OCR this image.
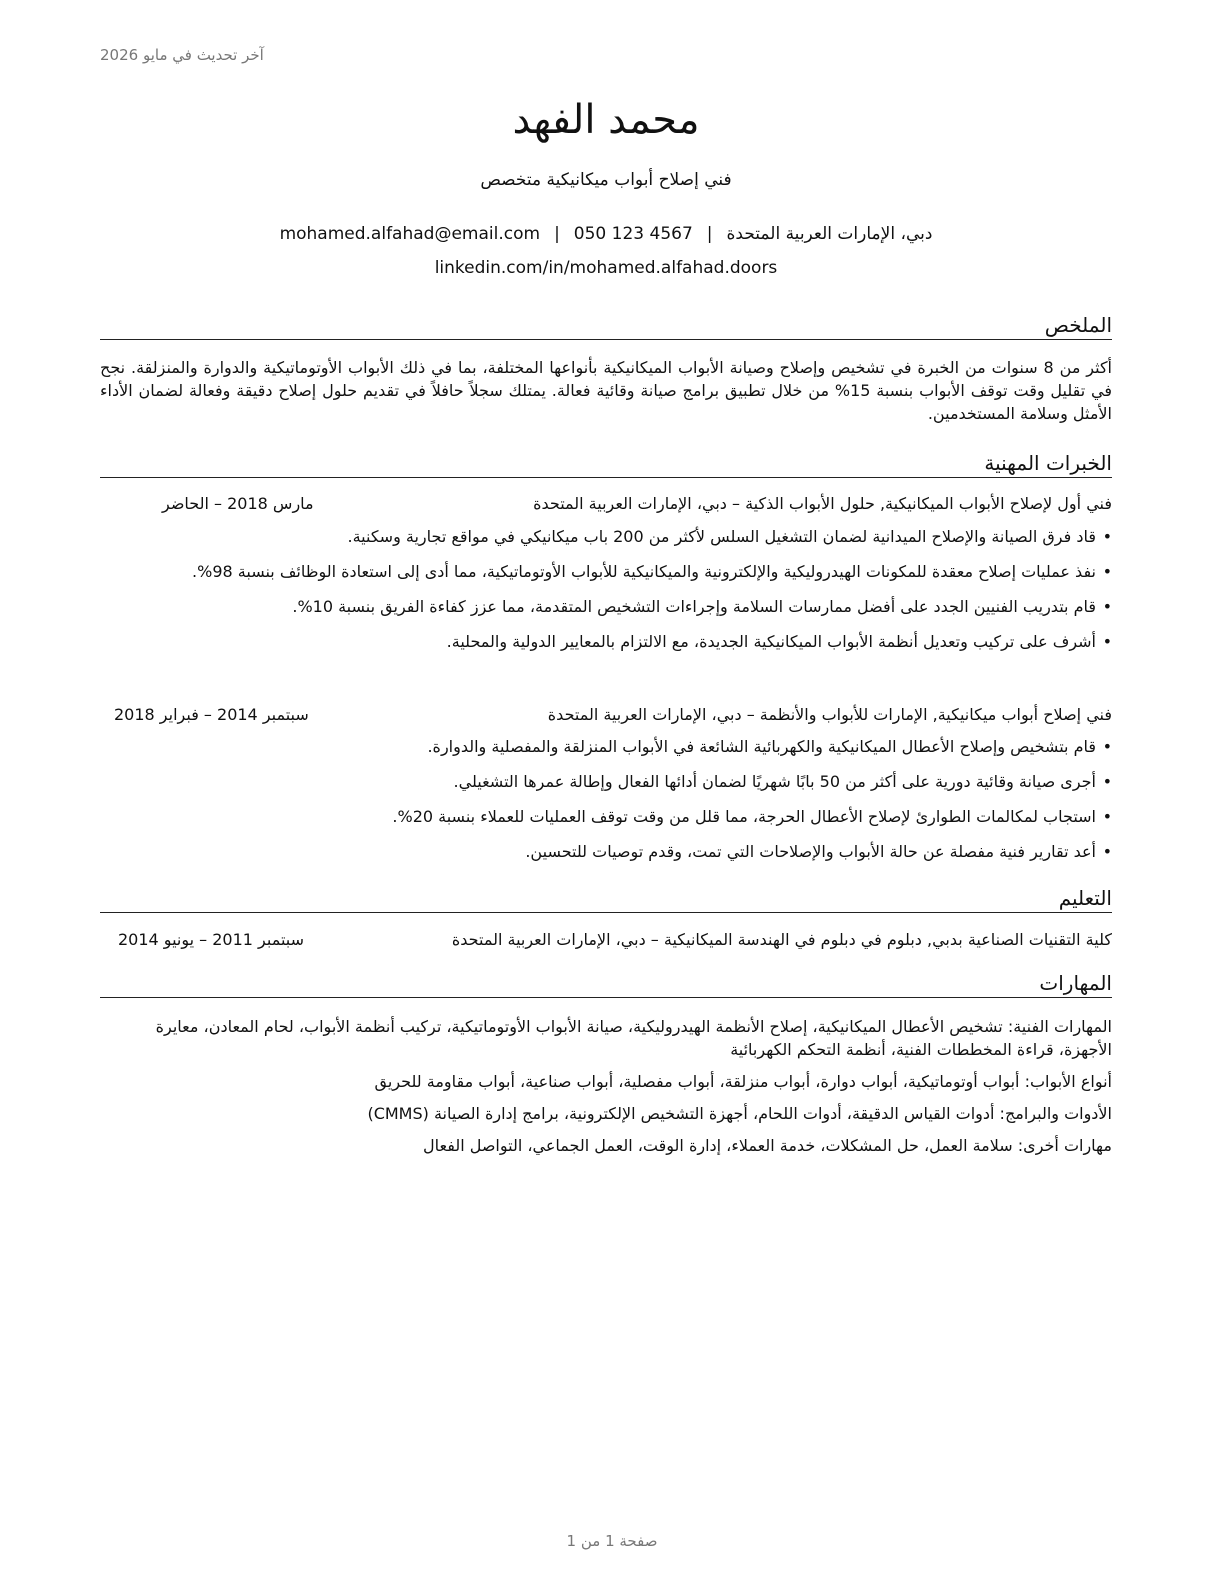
آخر تحديث في مايو 2026
محمد الفهد
فني إصلاح أبواب ميكانيكية متخصص
دبي، الإمارات العربية المتحدة|mohamed.alfahad@email.com | 050 123 4567
linkedin.com/in/mohamed.alfahad.doors
الملخص
أكثر من 8 سنوات من الخبرة في تشخيص وإصلاح وصيانة الأبواب الميكانيكية بأنواعها المختلفة، بما في ذلك الأبواب الأوتوماتيكية والدوارة والمنزلقة. نجح في تقليل وقت توقف الأبواب بنسبة 15% من خلال تطبيق برامج صيانة وقائية فعالة. يمتلك سجلاً حافلاً في تقديم حلول إصلاح دقيقة وفعالة لضمان الأداء الأمثل وسلامة المستخدمين.
الخبرات المهنية
فني أول لإصلاح الأبواب الميكانيكية, حلول الأبواب الذكية – دبي، الإمارات العربية المتحدة
مارس 2018 – الحاضر
•
قاد فرق الصيانة والإصلاح الميدانية لضمان التشغيل السلس لأكثر من 200 باب ميكانيكي في مواقع تجارية وسكنية.
•
نفذ عمليات إصلاح معقدة للمكونات الهيدروليكية والإلكترونية والميكانيكية للأبواب الأوتوماتيكية، مما أدى إلى استعادة الوظائف بنسبة 98%.
•
قام بتدريب الفنيين الجدد على أفضل ممارسات السلامة وإجراءات التشخيص المتقدمة، مما عزز كفاءة الفريق بنسبة 10%.
•
أشرف على تركيب وتعديل أنظمة الأبواب الميكانيكية الجديدة، مع الالتزام بالمعايير الدولية والمحلية.
فني إصلاح أبواب ميكانيكية, الإمارات للأبواب والأنظمة – دبي، الإمارات العربية المتحدة
سبتمبر 2014 – فبراير 2018
•
قام بتشخيص وإصلاح الأعطال الميكانيكية والكهربائية الشائعة في الأبواب المنزلقة والمفصلية والدوارة.
•
أجرى صيانة وقائية دورية على أكثر من 50 بابًا شهريًا لضمان أدائها الفعال وإطالة عمرها التشغيلي.
•
استجاب لمكالمات الطوارئ لإصلاح الأعطال الحرجة، مما قلل من وقت توقف العمليات للعملاء بنسبة 20%.
•
أعد تقارير فنية مفصلة عن حالة الأبواب والإصلاحات التي تمت، وقدم توصيات للتحسين.
التعليم
كلية التقنيات الصناعية بدبي, دبلوم في دبلوم في الهندسة الميكانيكية – دبي، الإمارات العربية المتحدة
سبتمبر 2011 – يونيو 2014
المهارات
المهارات الفنية: تشخيص الأعطال الميكانيكية، إصلاح الأنظمة الهيدروليكية، صيانة الأبواب الأوتوماتيكية، تركيب أنظمة الأبواب، لحام المعادن، معايرة الأجهزة، قراءة المخططات الفنية، أنظمة التحكم الكهربائية
أنواع الأبواب: أبواب أوتوماتيكية، أبواب دوارة، أبواب منزلقة، أبواب مفصلية، أبواب صناعية، أبواب مقاومة للحريق
الأدوات والبرامج: أدوات القياس الدقيقة، أدوات اللحام، أجهزة التشخيص الإلكترونية، برامج إدارة الصيانة (CMMS)
مهارات أخرى: سلامة العمل، حل المشكلات، خدمة العملاء، إدارة الوقت، العمل الجماعي، التواصل الفعال
صفحة 1 من 1
